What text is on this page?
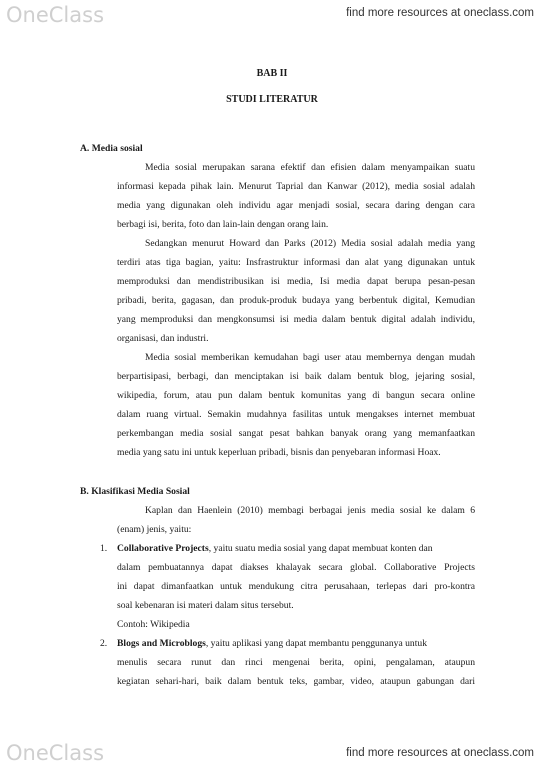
OneClass	find more resources at oneclass.com
BAB II
STUDI LITERATUR
A. Media sosial
Media sosial merupakan sarana efektif dan efisien dalam menyampaikan suatu
informasi kepada pihak lain. Menurut Taprial dan Kanwar (2012), media sosial adalah
media yang digunakan oleh individu agar menjadi sosial, secara daring dengan cara
berbagi isi, berita, foto dan lain-lain dengan orang lain.
Sedangkan menurut Howard dan Parks (2012) Media sosial adalah media yang
terdiri atas tiga bagian, yaitu: Insfrastruktur informasi dan alat yang digunakan untuk
memproduksi dan mendistribusikan isi media, Isi media dapat berupa pesan-pesan
pribadi, berita, gagasan, dan produk-produk budaya yang berbentuk digital, Kemudian
yang memproduksi dan mengkonsumsi isi media dalam bentuk digital adalah individu,
organisasi, dan industri.
Media sosial memberikan kemudahan bagi user atau membernya dengan mudah
berpartisipasi, berbagi, dan menciptakan isi baik dalam bentuk blog, jejaring sosial,
wikipedia, forum, atau pun dalam bentuk komunitas yang di bangun secara online
dalam ruang virtual. Semakin mudahnya fasilitas untuk mengakses internet membuat
perkembangan media sosial sangat pesat bahkan banyak orang yang memanfaatkan
media yang satu ini untuk keperluan pribadi, bisnis dan penyebaran informasi Hoax.
B. Klasifikasi Media Sosial
Kaplan dan Haenlein (2010) membagi berbagai jenis media sosial ke dalam 6
(enam) jenis, yaitu:
1. Collaborative Projects, yaitu suatu media sosial yang dapat membuat konten dan
dalam pembuatannya dapat diakses khalayak secara global. Collaborative Projects
ini dapat dimanfaatkan untuk mendukung citra perusahaan, terlepas dari pro-kontra
soal kebenaran isi materi dalam situs tersebut.
Contoh: Wikipedia
2. Blogs and Microblogs, yaitu aplikasi yang dapat membantu penggunanya untuk
menulis secara runut dan rinci mengenai berita, opini, pengalaman, ataupun
kegiatan sehari-hari, baik dalam bentuk teks, gambar, video, ataupun gabungan dari
OneClass	find more resources at oneclass.com
